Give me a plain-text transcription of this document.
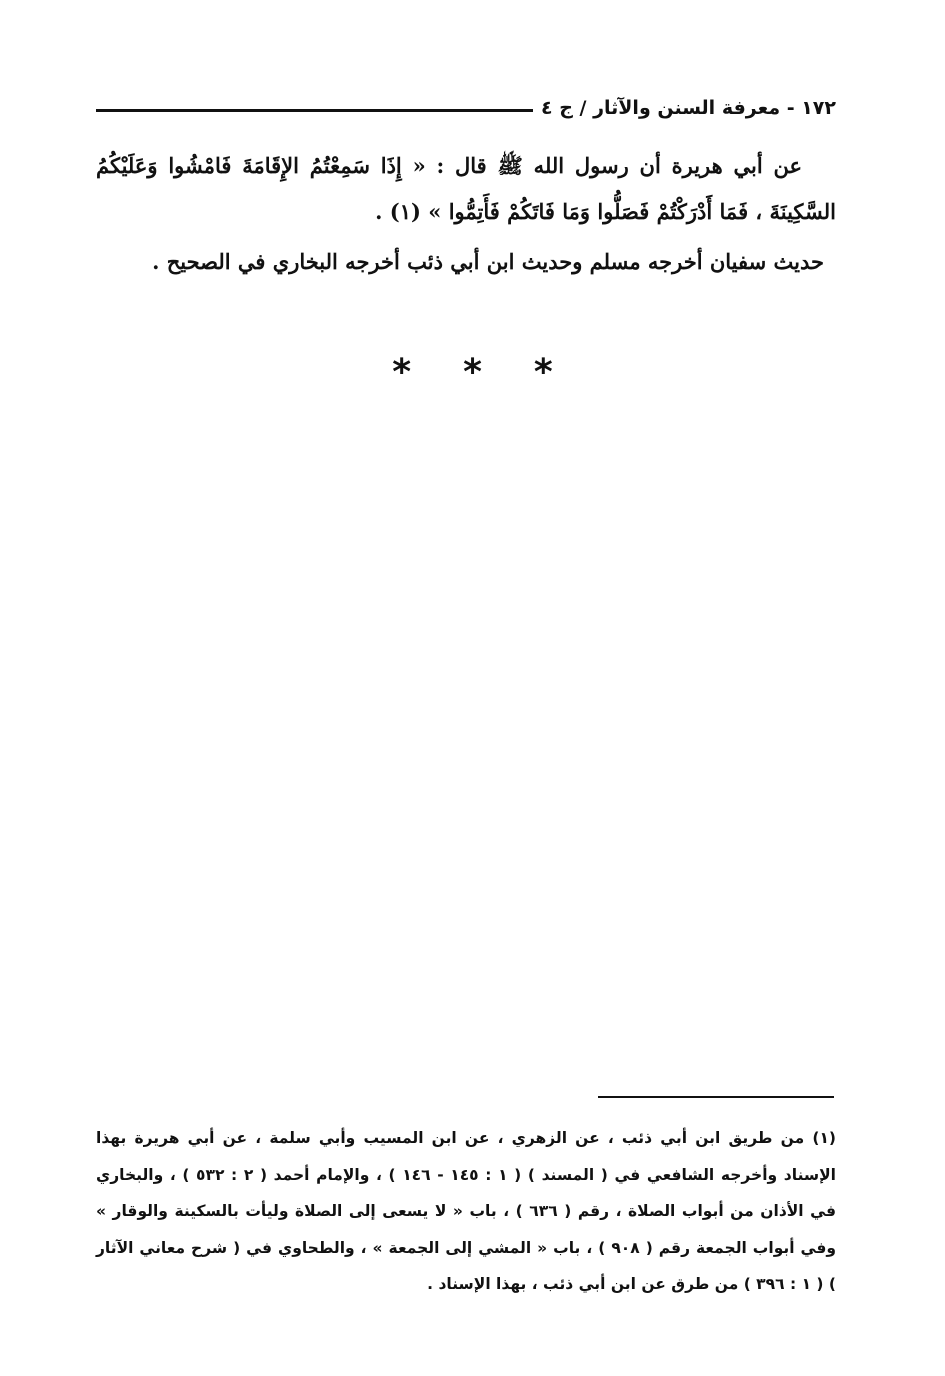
١٧٢ - معرفة السنن والآثار / ج ٤

عن أبي هريرة أن رسول الله ﷺ قال : « إِذَا سَمِعْتُمُ الإِقَامَةَ فَامْشُوا وَعَلَيْكُمُ السَّكِينَةَ ، فَمَا أَدْرَكْتُمْ فَصَلُّوا وَمَا فَاتَكُمْ فَأَتِمُّوا » (١) .

حديث سفيان أخرجه مسلم وحديث ابن أبي ذئب أخرجه البخاري في الصحيح .

*
*
*

(١) من طريق ابن أبي ذئب ، عن الزهري ، عن ابن المسيب وأبي سلمة ، عن أبي هريرة بهذا الإسناد وأخرجه الشافعي في ( المسند ) ( ١ : ١٤٥ - ١٤٦ ) ، والإمام أحمد ( ٢ : ٥٣٢ ) ، والبخاري في الأذان من أبواب الصلاة ، رقم ( ٦٣٦ ) ، باب « لا يسعى إلى الصلاة وليأت بالسكينة والوقار » وفي أبواب الجمعة رقم ( ٩٠٨ ) ، باب « المشي إلى الجمعة » ، والطحاوي في ( شرح معاني الآثار ) ( ١ : ٣٩٦ ) من طرق عن ابن أبي ذئب ، بهذا الإسناد .
